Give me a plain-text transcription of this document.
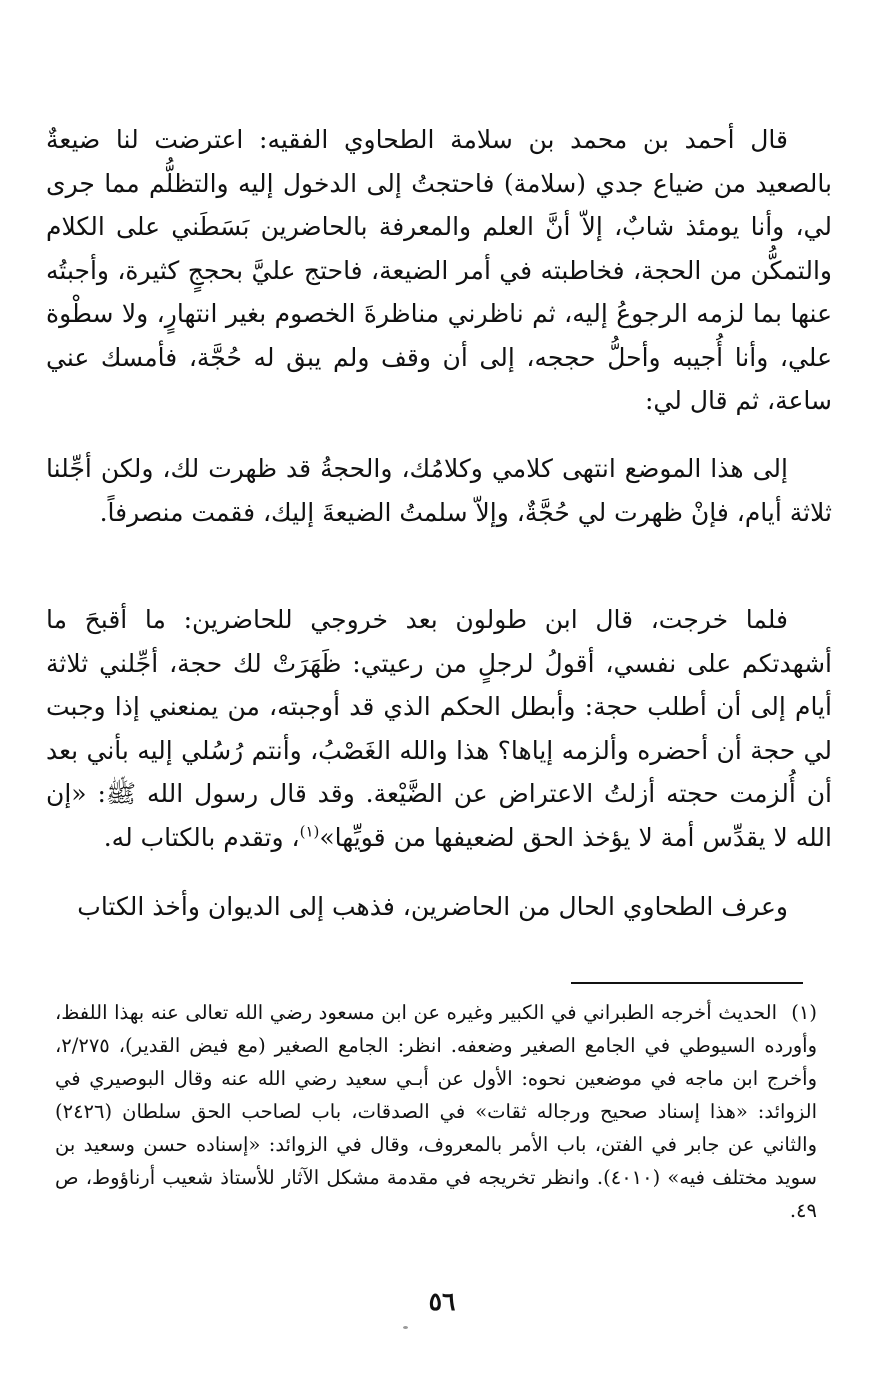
قال أحمد بن محمد بن سلامة الطحاوي الفقيه: اعترضت لنا ضيعةٌ بالصعيد من ضياع جدي (سلامة) فاحتجتُ إلى الدخول إليه والتظلُّم مما جرى لي، وأنا يومئذ شابٌ، إلاّ أنَّ العلم والمعرفة بالحاضرين بَسَطَني على الكلام والتمكُّن من الحجة، فخاطبته في أمر الضيعة، فاحتج عليَّ بحججٍ كثيرة، وأجبتُه عنها بما لزمه الرجوعُ إليه، ثم ناظرني مناظرةَ الخصوم بغير انتهارٍ، ولا سطْوة علي، وأنا أُجيبه وأحلُّ حججه، إلى أن وقف ولم يبق له حُجَّة، فأمسك عني ساعة، ثم قال لي:

إلى هذا الموضع انتهى كلامي وكلامُك، والحجةُ قد ظهرت لك، ولكن أجِّلنا ثلاثة أيام، فإنْ ظهرت لي حُجَّةٌ، وإلاّ سلمتُ الضيعةَ إليك، فقمت منصرفاً.

فلما خرجت، قال ابن طولون بعد خروجي للحاضرين: ما أقبحَ ما أشهدتكم على نفسي، أقولُ لرجلٍ من رعيتي: ظَهَرَتْ لك حجة، أجِّلني ثلاثة أيام إلى أن أطلب حجة: وأبطل الحكم الذي قد أوجبته، من يمنعني إذا وجبت لي حجة أن أحضره وألزمه إياها؟ هذا والله الغَصْبُ، وأنتم رُسُلي إليه بأني بعد أن أُلزمت حجته أزلتُ الاعتراض عن الضَّيْعة. وقد قال رسول الله ﷺ: «إن الله لا يقدِّس أمة لا يؤخذ الحق لضعيفها من قويِّها»$^{(١)}$، وتقدم بالكتاب له.

وعرف الطحاوي الحال من الحاضرين، فذهب إلى الديوان وأخذ الكتاب

(١)الحديث أخرجه الطبراني في الكبير وغيره عن ابن مسعود رضي الله تعالى عنه بهذا اللفظ، وأورده السيوطي في الجامع الصغير وضعفه. انظر: الجامع الصغير (مع فيض القدير)، ٢/٢٧٥، وأخرج ابن ماجه في موضعين نحوه: الأول عن أبـي سعيد رضي الله عنه وقال البوصيري في الزوائد: «هذا إسناد صحيح ورجاله ثقات» في الصدقات، باب لصاحب الحق سلطان (٢٤٢٦) والثاني عن جابر في الفتن، باب الأمر بالمعروف، وقال في الزوائد: «إسناده حسن وسعيد بن سويد مختلف فيه» (٤٠١٠). وانظر تخريجه في مقدمة مشكل الآثار للأستاذ شعيب أرناؤوط، ص ٤٩.

٥٦
